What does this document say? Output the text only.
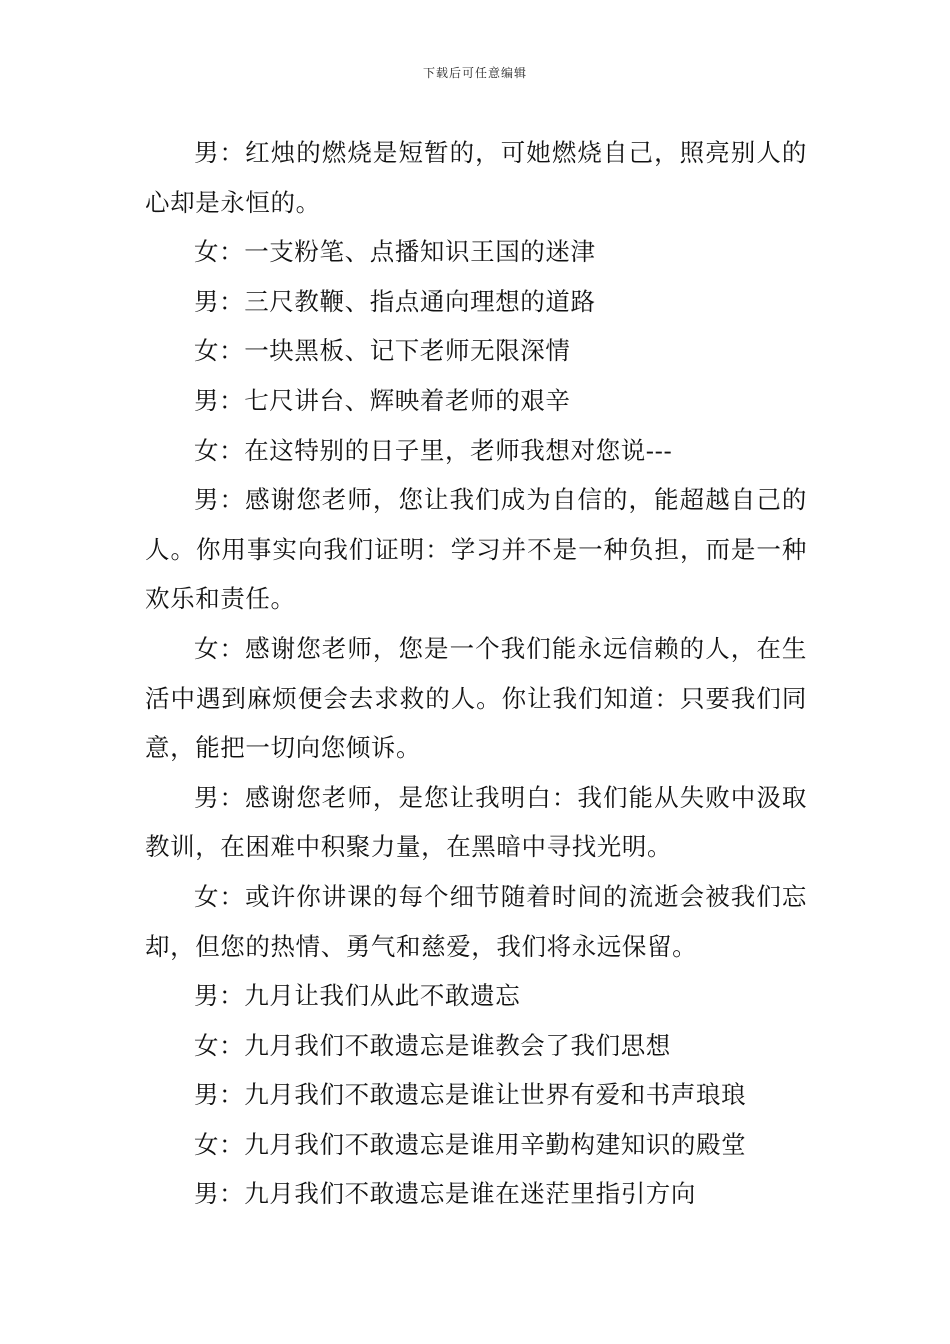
下载后可任意编辑

男：红烛的燃烧是短暂的，可她燃烧自己，照亮别人的心却是永恒的。

女：一支粉笔、点播知识王国的迷津

男：三尺教鞭、指点通向理想的道路

女：一块黑板、记下老师无限深情

男：七尺讲台、辉映着老师的艰辛

女：在这特别的日子里，老师我想对您说---

男：感谢您老师，您让我们成为自信的，能超越自己的人。你用事实向我们证明：学习并不是一种负担，而是一种欢乐和责任。

女：感谢您老师，您是一个我们能永远信赖的人，在生活中遇到麻烦便会去求救的人。你让我们知道：只要我们同意，能把一切向您倾诉。

男：感谢您老师，是您让我明白：我们能从失败中汲取教训，在困难中积聚力量，在黑暗中寻找光明。

女：或许你讲课的每个细节随着时间的流逝会被我们忘却，但您的热情、勇气和慈爱，我们将永远保留。

男：九月让我们从此不敢遗忘

女：九月我们不敢遗忘是谁教会了我们思想

男：九月我们不敢遗忘是谁让世界有爱和书声琅琅

女：九月我们不敢遗忘是谁用辛勤构建知识的殿堂

男：九月我们不敢遗忘是谁在迷茫里指引方向
